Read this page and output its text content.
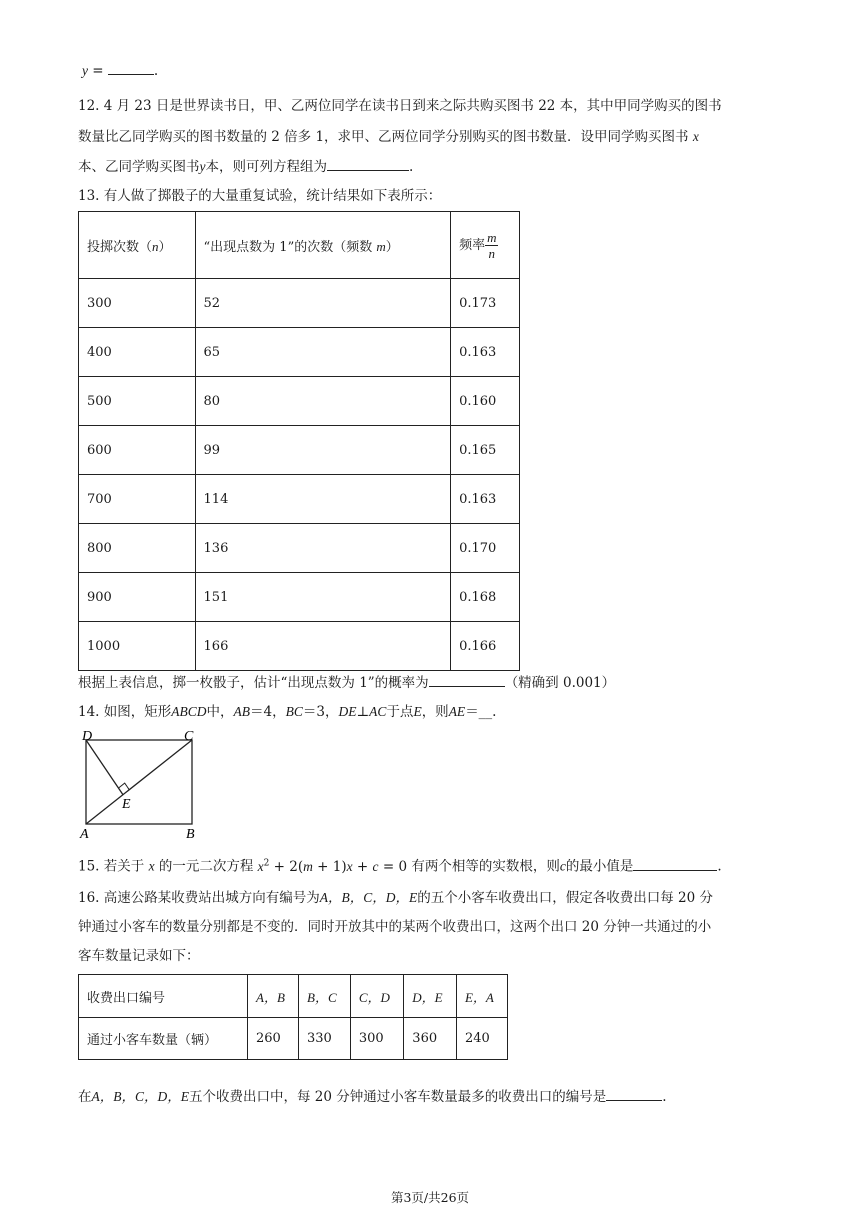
y =	.
12. 4 月 23 日是世界读书日，甲、乙两位同学在读书日到来之际共购买图书 22 本，其中甲同学购买的图书
数量比乙同学购买的图书数量的 2 倍多 1，求甲、乙两位同学分别购买的图书数量．设甲同学购买图书 x
本、乙同学购买图书y本，则可列方程组为	.
13. 有人做了掷骰子的大量重复试验，统计结果如下表所示：
投掷次数（n）	“出现点数为 1”的次数（频数 m）	频率 $\frac{m}{n}$

300	52	0.173
400	65	0.163
500	80	0.160
600	99	0.165
700	114	0.163
800	136	0.170
900	151	0.168
1000	166	0.166
根据上表信息，掷一枚骰子，估计“出现点数为 1”的概率为	（精确到 0.001）
14. 如图，矩形ABCD中，AB＝4，BC＝3，DE⊥AC于点E，则AE＝__.
D	C
A	B
E
15. 若关于 x 的一元二次方程 $x^2 + 2(m + 1)x + c = 0$ 有两个相等的实数根，则c的最小值是	.
16. 高速公路某收费站出城方向有编号为A，B，C，D，E的五个小客车收费出口，假定各收费出口每 20 分
钟通过小客车的数量分别都是不变的．同时开放其中的某两个收费出口，这两个出口 20 分钟一共通过的小
客车数量记录如下：
收费出口编号	A，B	B，C	C，D	D，E	E，A
通过小客车数量（辆）	260	330	300	360	240
在A，B，C，D，E五个收费出口中，每 20 分钟通过小客车数量最多的收费出口的编号是	.
第3页/共26页
